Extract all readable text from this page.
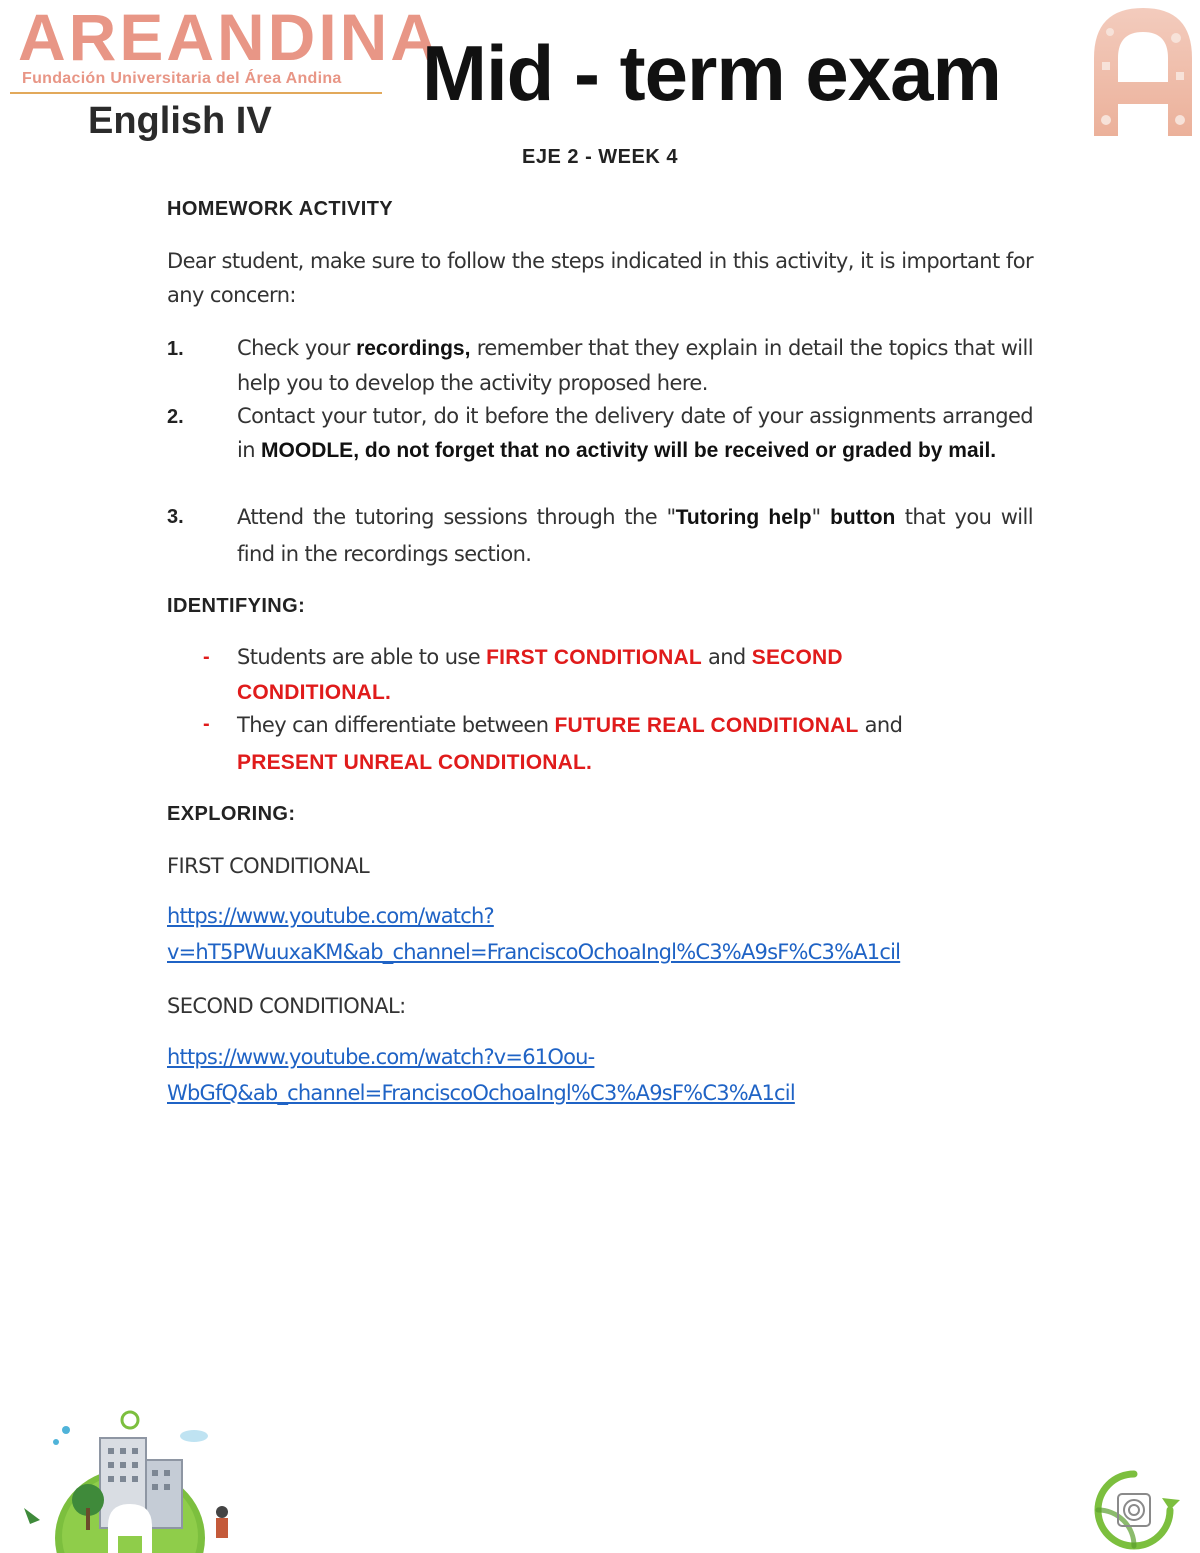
AREANDINA
Fundación Universitaria del Área Andina
English IV
Mid - term exam
EJE 2 - WEEK 4
HOMEWORK ACTIVITY
Dear student, make sure to follow the steps indicated in this activity, it is important for any concern:
1.	Check your recordings, remember that they explain in detail the topics that will help you to develop the activity proposed here.
2.	Contact your tutor, do it before the delivery date of your assignments arranged in MOODLE, do not forget that no activity will be received or graded by mail.
3.	Attend the tutoring sessions through the "Tutoring help" button that you will find in the recordings section.
IDENTIFYING:
- Students are able to use FIRST CONDITIONAL and SECOND CONDITIONAL.
- They can differentiate between FUTURE REAL CONDITIONAL and PRESENT UNREAL CONDITIONAL.
EXPLORING:
FIRST CONDITIONAL
https://www.youtube.com/watch?
v=hT5PWuuxaKM&ab_channel=FranciscoOchoaIngl%C3%A9sF%C3%A1cil
SECOND CONDITIONAL:
https://www.youtube.com/watch?v=61Oou-
WbGfQ&ab_channel=FranciscoOchoaIngl%C3%A9sF%C3%A1cil
